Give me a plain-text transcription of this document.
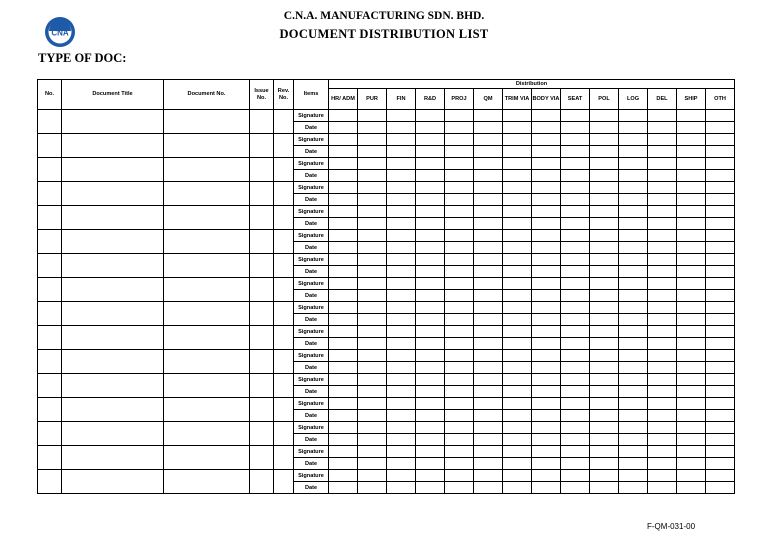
CNA
C.N.A. MANUFACTURING SDN. BHD.
DOCUMENT DISTRIBUTION LIST
TYPE OF DOC:
No.	Document Title	Document No.	Issue No.	Rev. No.	Items	Distribution													
						HR/ ADM	PUR	FIN	R&D	PROJ	QM	TRIM VIA	BODY VIA	SEAT	POL	LOG	DEL	SHIP	OTH
					Signature														
					Date														
					Signature														
					Date														
					Signature														
					Date														
					Signature														
					Date														
					Signature														
					Date														
					Signature														
					Date														
					Signature														
					Date														
					Signature														
					Date														
					Signature														
					Date														
					Signature														
					Date														
					Signature														
					Date														
					Signature														
					Date														
					Signature														
					Date														
					Signature														
					Date														
					Signature														
					Date														
					Signature														
					Date														
F-QM-031-00
